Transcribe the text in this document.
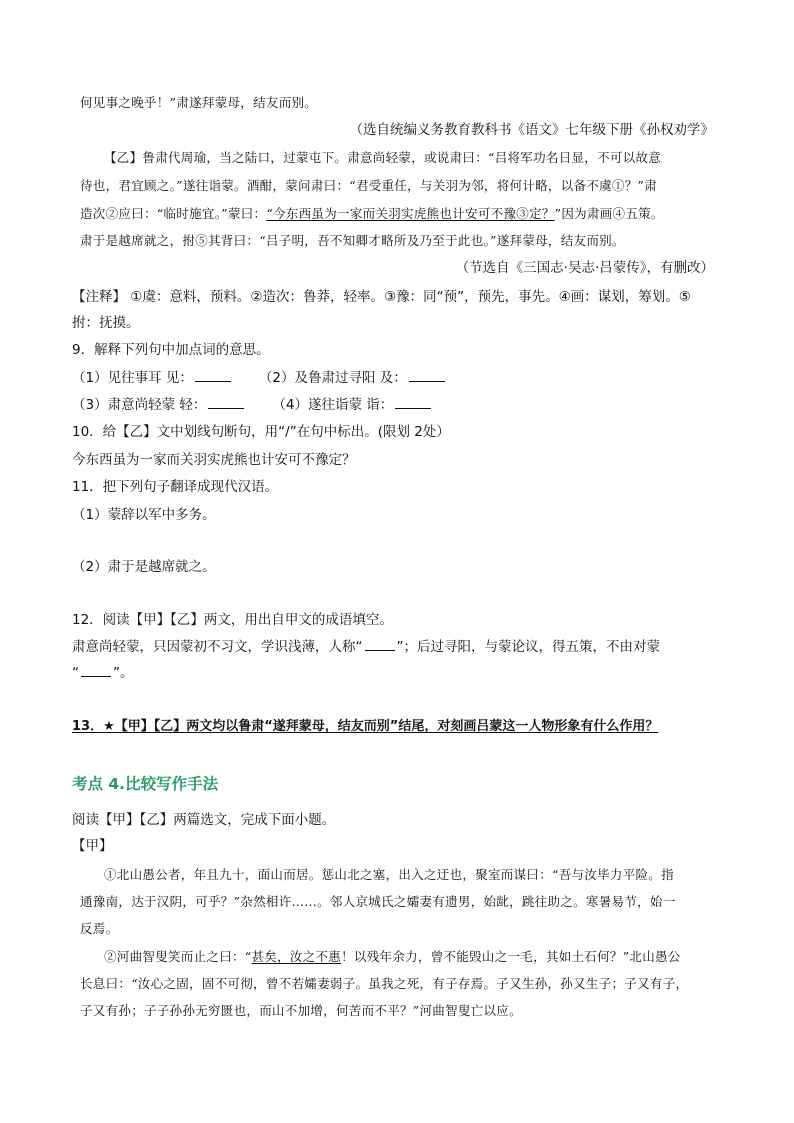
何见事之晚乎！”肃遂拜蒙母，结友而别。
（选自统编义务教育教科书《语文》七年级下册《孙权劝学》
【乙】鲁肃代周瑜，当之陆口，过蒙屯下。肃意尚轻蒙，或说肃曰：“吕将军功名日显，不可以故意
待也，君宜顾之。”遂往诣蒙。酒酣，蒙问肃曰：“君受重任，与关羽为邻，将何计略，以备不虞①？”肃
造次②应曰：“临时施宜。”蒙曰：“今东西虽为一家而关羽实虎熊也计安可不豫③定？”因为肃画④五策。
肃于是越席就之，拊⑤其背曰：“吕子明，吾不知卿才略所及乃至于此也。”遂拜蒙母，结友而别。
（节选自《三国志·吴志·吕蒙传》，有删改）
【注释】 ①虞：意料，预料。②造次：鲁莽，轻率。③豫：同“预”，预先，事先。④画：谋划，筹划。⑤
拊：抚摸。
9．解释下列句中加点词的意思。
（1）见往事耳 见：	（2）及鲁肃过寻阳 及：
（3）肃意尚轻蒙 轻：	（4）遂往诣蒙 诣：
10．给【乙】文中划线句断句，用“/”在句中标出。(限划 2处）
今东西虽为一家而关羽实虎熊也计安可不豫定？
11．把下列句子翻译成现代汉语。
（1）蒙辞以军中多务。
（2）肃于是越席就之。
12．阅读【甲】【乙】两文，用出自甲文的成语填空。
肃意尚轻蒙，只因蒙初不习文，学识浅薄，人称“	”；后过寻阳，与蒙论议，得五策，不由对蒙
“	”。
13．★【甲】【乙】两文均以鲁肃“遂拜蒙母，结友而别”结尾，对刻画吕蒙这一人物形象有什么作用？
考点 4.比较写作手法
阅读【甲】【乙】两篇选文，完成下面小题。
【甲】
①北山愚公者，年且九十，面山而居。惩山北之塞，出入之迂也，聚室而谋曰：“吾与汝毕力平险。指
通豫南，达于汉阴，可乎？”杂然相许……。邻人京城氏之孀妻有遗男，始龀，跳往助之。寒暑易节，始一
反焉。
②河曲智叟笑而止之曰：“甚矣，汝之不惠！以残年余力，曾不能毁山之一毛，其如土石何？”北山愚公
长息曰：“汝心之固，固不可彻，曾不若孀妻弱子。虽我之死，有子存焉。子又生孙，孙又生子；子又有子，
子又有孙；子子孙孙无穷匮也，而山不加增，何苦而不平？”河曲智叟亡以应。
